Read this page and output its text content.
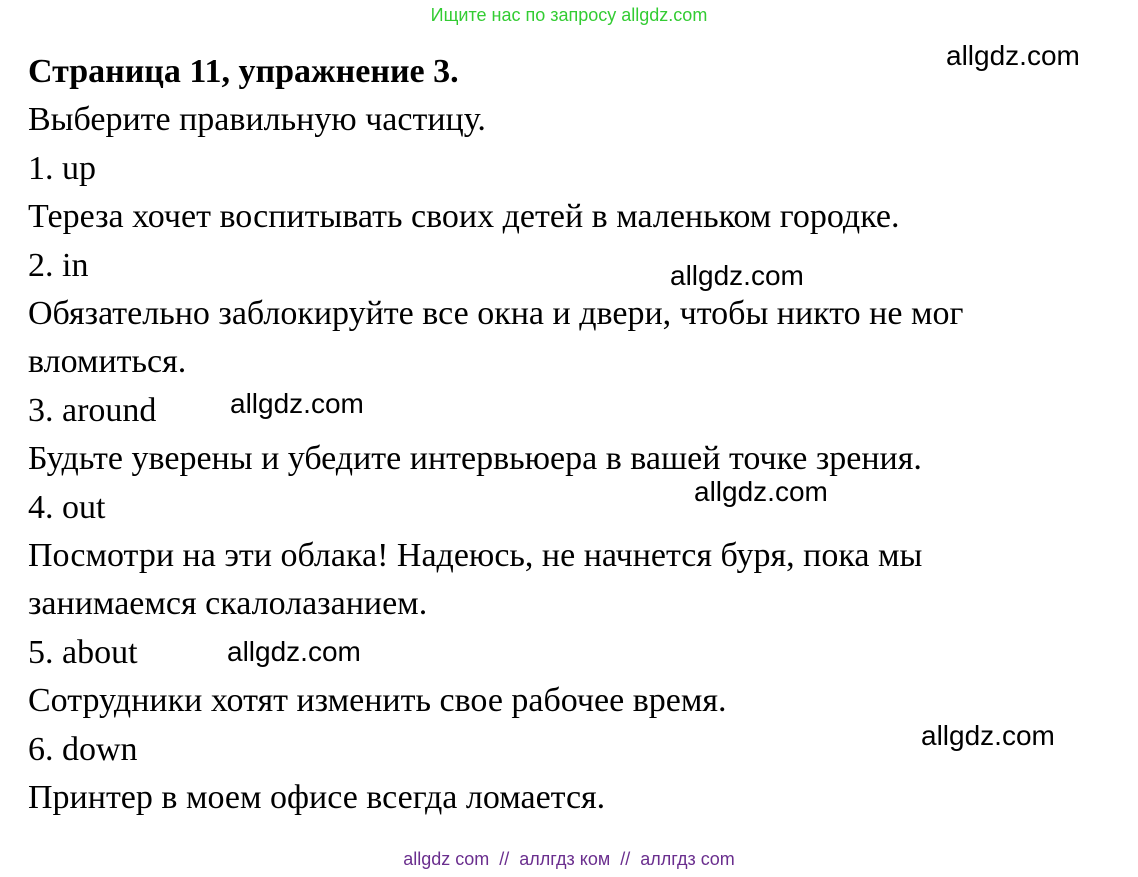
Ищите нас по запросу allgdz.com

Страница 11, упражнение 3.

Выберите правильную частицу.

1. up

Тереза хочет воспитывать своих детей в маленьком городке.

2. in

Обязательно заблокируйте все окна и двери, чтобы никто не мог вломиться.

3. around

Будьте уверены и убедите интервьюера в вашей точке зрения.

4. out

Посмотри на эти облака! Надеюсь, не начнется буря, пока мы занимаемся скалолазанием.

5. about

Сотрудники хотят изменить свое рабочее время.

6. down

Принтер в моем офисе всегда ломается.

allgdz.com
allgdz.com
allgdz.com
allgdz.com
allgdz.com
allgdz.com
allgdz com // аллгдз ком // аллгдз com
